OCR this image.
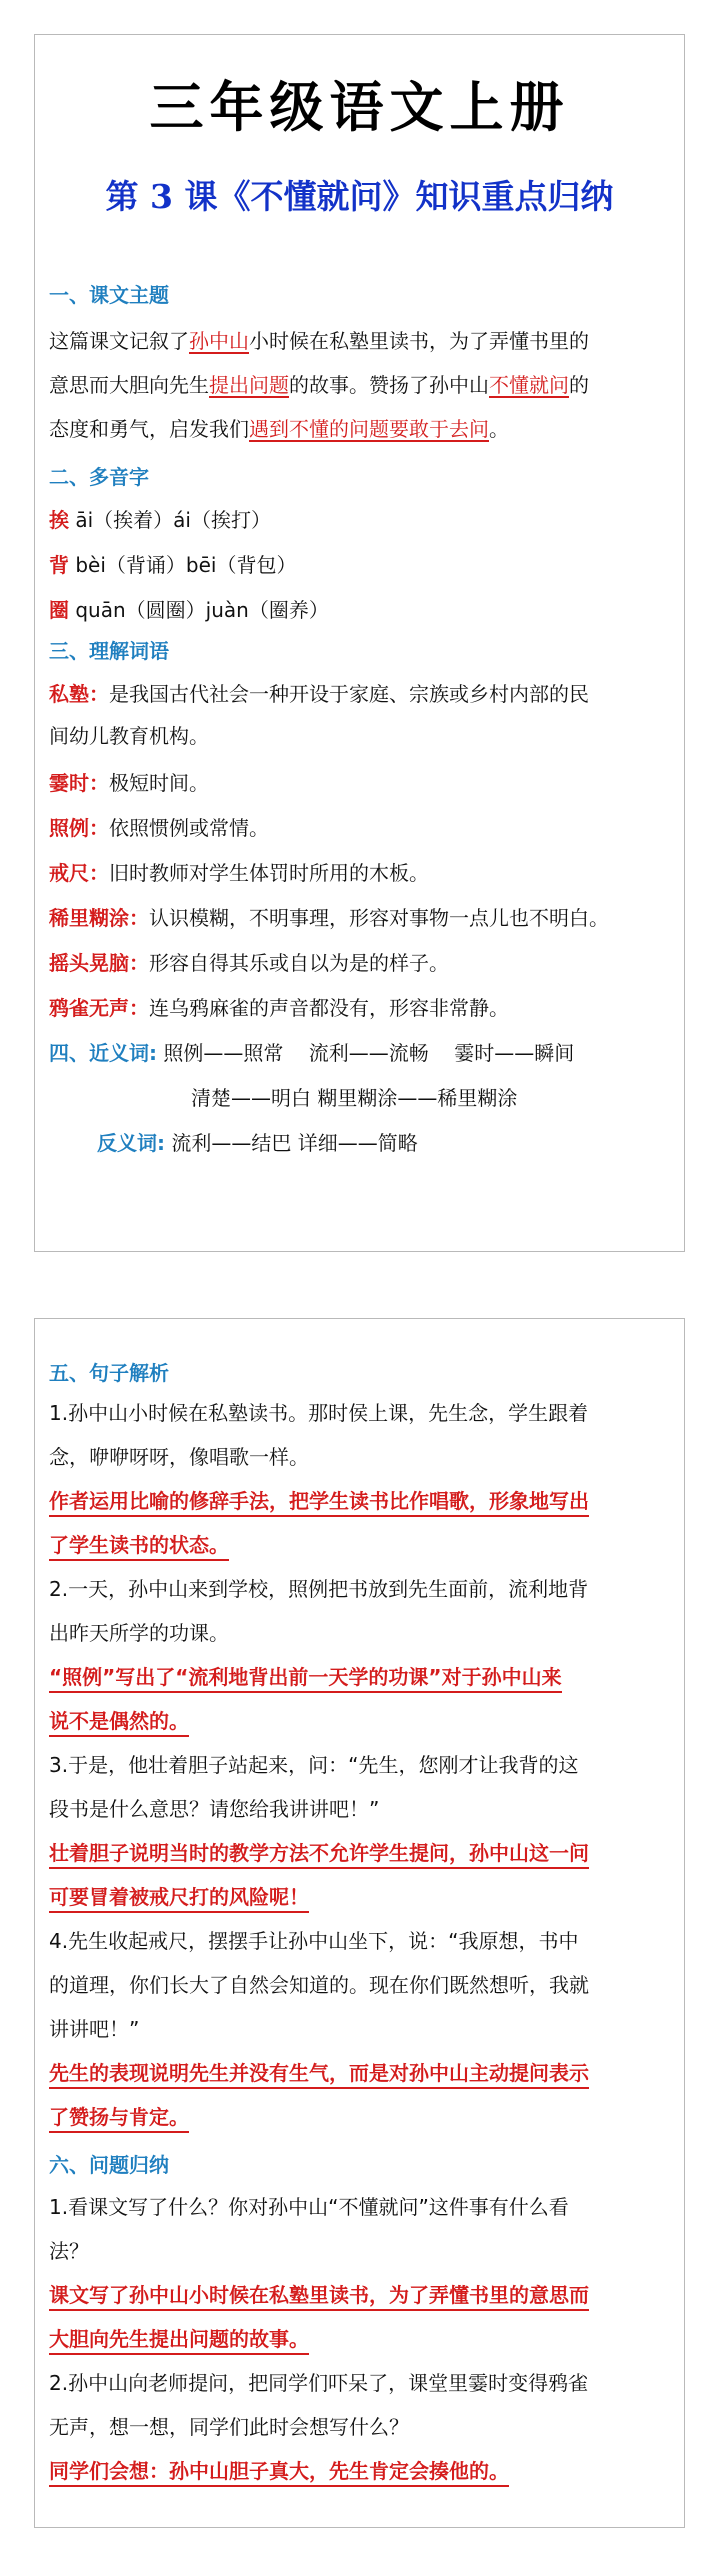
三年级语文上册
第 3 课《不懂就问》知识重点归纳
一、课文主题
这篇课文记叙了孙中山小时候在私塾里读书，为了弄懂书里的
意思而大胆向先生提出问题的故事。赞扬了孙中山不懂就问的
态度和勇气，启发我们遇到不懂的问题要敢于去问。
二、多音字
挨 āi（挨着）ái（挨打）
背 bèi（背诵）bēi（背包）
圈 quān（圆圈）juàn（圈养）
三、理解词语
私塾：是我国古代社会一种开设于家庭、宗族或乡村内部的民
间幼儿教育机构。
霎时：极短时间。
照例：依照惯例或常情。
戒尺：旧时教师对学生体罚时所用的木板。
稀里糊涂：认识模糊，不明事理，形容对事物一点儿也不明白。
摇头晃脑：形容自得其乐或自以为是的样子。
鸦雀无声：连乌鸦麻雀的声音都没有，形容非常静。
四、近义词: 照例——照常    流利——流畅    霎时——瞬间
清楚——明白 糊里糊涂——稀里糊涂
反义词: 流利——结巴 详细——简略
五、句子解析
1.孙中山小时候在私塾读书。那时侯上课，先生念，学生跟着
念，咿咿呀呀，像唱歌一样。
作者运用比喻的修辞手法，把学生读书比作唱歌，形象地写出
了学生读书的状态。
2.一天，孙中山来到学校，照例把书放到先生面前，流利地背
出昨天所学的功课。
“照例”写出了“流利地背出前一天学的功课”对于孙中山来
说不是偶然的。
3.于是，他壮着胆子站起来，问：“先生，您刚才让我背的这
段书是什么意思？请您给我讲讲吧！”
壮着胆子说明当时的教学方法不允许学生提问，孙中山这一问
可要冒着被戒尺打的风险呢！
4.先生收起戒尺，摆摆手让孙中山坐下，说：“我原想，书中
的道理，你们长大了自然会知道的。现在你们既然想听，我就
讲讲吧！”
先生的表现说明先生并没有生气，而是对孙中山主动提问表示
了赞扬与肯定。
六、问题归纳
1.看课文写了什么？你对孙中山“不懂就问”这件事有什么看
法？
课文写了孙中山小时候在私塾里读书，为了弄懂书里的意思而
大胆向先生提出问题的故事。
2.孙中山向老师提问，把同学们吓呆了，课堂里霎时变得鸦雀
无声，想一想，同学们此时会想写什么？
同学们会想：孙中山胆子真大，先生肯定会揍他的。
